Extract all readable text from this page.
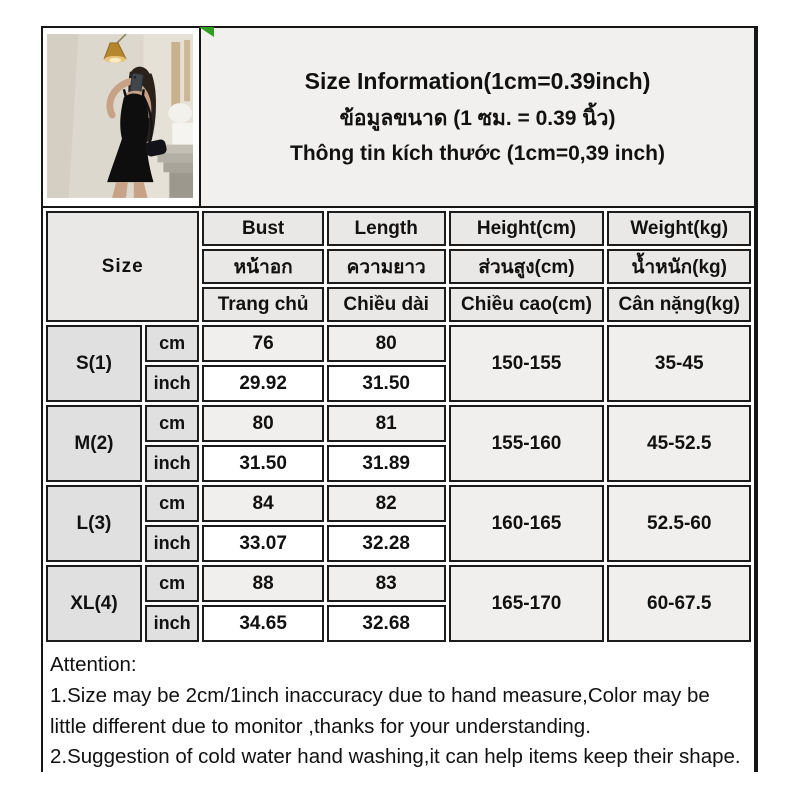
Size Information(1cm=0.39inch)
ข้อมูลขนาด (1 ซม. = 0.39 นิ้ว)
Thông tin kích thước (1cm=0,39 inch)
Size		Bust	Length	Height(cm)	Weight(kg)
		หน้าอก	ความยาว	ส่วนสูง(cm)	น้ำหนัก(kg)
		Trang chủ	Chiều dài	Chiều cao(cm)	Cân nặng(kg)
S(1)	cm	76	80	150-155	35-45
	inch	29.92	31.50		
M(2)	cm	80	81	155-160	45-52.5
	inch	31.50	31.89		
L(3)	cm	84	82	160-165	52.5-60
	inch	33.07	32.28		
XL(4)	cm	88	83	165-170	60-67.5
	inch	34.65	32.68		
Attention:
1.Size may be 2cm/1inch inaccuracy due to hand measure,Color may be little different due to monitor ,thanks for your understanding.
2.Suggestion of cold water hand washing,it can help items keep their shape.
